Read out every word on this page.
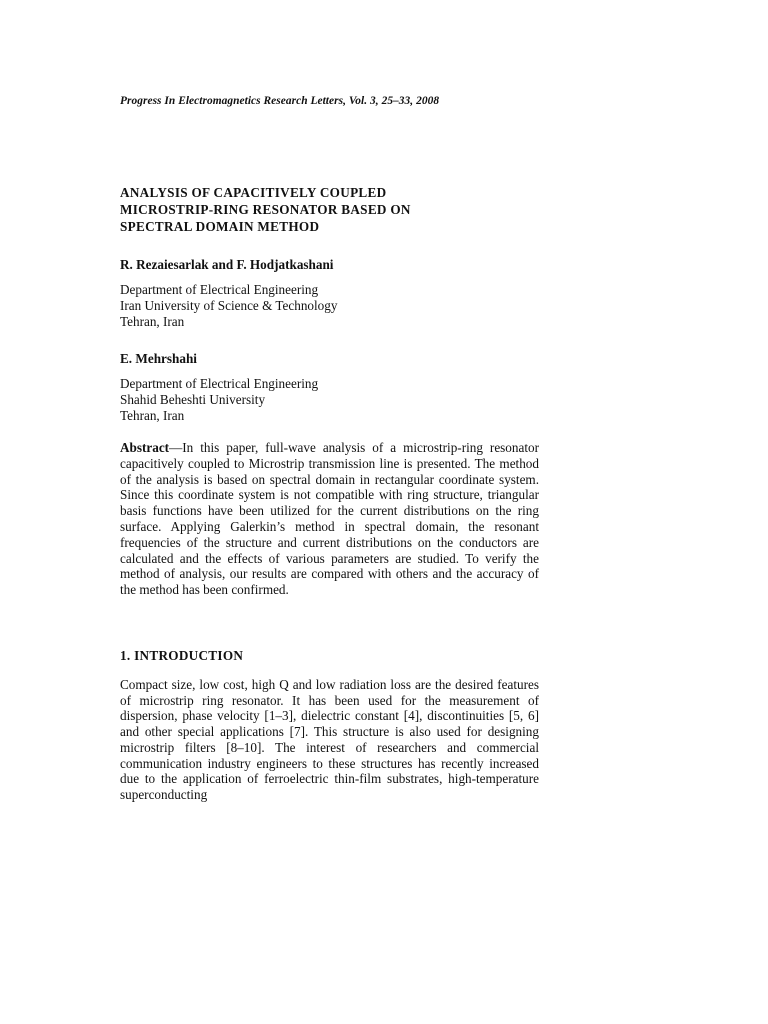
Progress In Electromagnetics Research Letters, Vol. 3, 25–33, 2008
ANALYSIS OF CAPACITIVELY COUPLED
MICROSTRIP-RING RESONATOR BASED ON
SPECTRAL DOMAIN METHOD
R. Rezaiesarlak and F. Hodjatkashani
Department of Electrical Engineering
Iran University of Science & Technology
Tehran, Iran
E. Mehrshahi
Department of Electrical Engineering
Shahid Beheshti University
Tehran, Iran
Abstract—In this paper, full-wave analysis of a microstrip-ring resonator capacitively coupled to Microstrip transmission line is presented. The method of the analysis is based on spectral domain in rectangular coordinate system. Since this coordinate system is not compatible with ring structure, triangular basis functions have been utilized for the current distributions on the ring surface. Applying Galerkin’s method in spectral domain, the resonant frequencies of the structure and current distributions on the conductors are calculated and the effects of various parameters are studied. To verify the method of analysis, our results are compared with others and the accuracy of the method has been confirmed.
1. INTRODUCTION
Compact size, low cost, high Q and low radiation loss are the desired features of microstrip ring resonator. It has been used for the measurement of dispersion, phase velocity [1–3], dielectric constant [4], discontinuities [5, 6] and other special applications [7]. This structure is also used for designing microstrip filters [8–10]. The interest of researchers and commercial communication industry engineers to these structures has recently increased due to the application of ferroelectric thin-film substrates, high-temperature superconducting
